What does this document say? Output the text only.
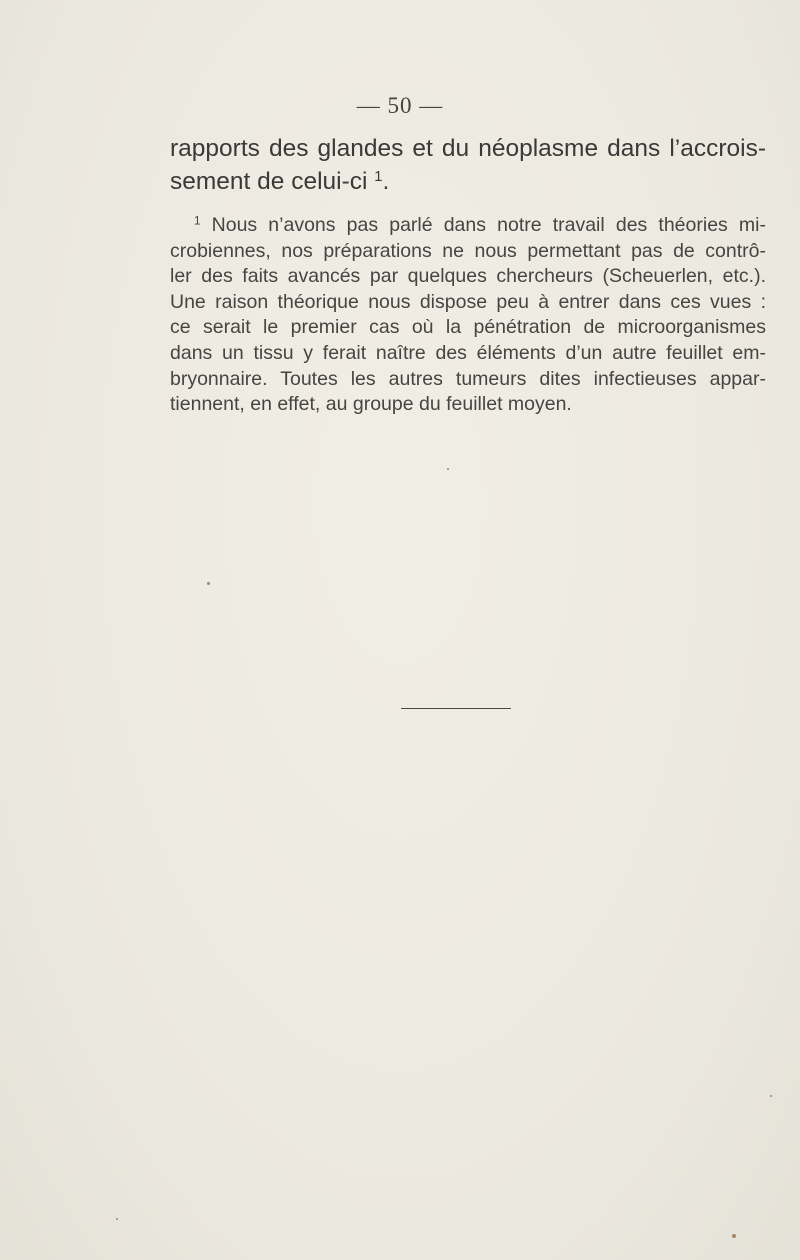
— 50 —
rapports des glandes et du néoplasme dans l’accrois-
sement de celui-ci $^1$.
$^1$ Nous n’avons pas parlé dans notre travail des théories mi-
crobiennes, nos préparations ne nous permettant pas de contrô-
ler des faits avancés par quelques chercheurs (Scheuerlen, etc.).
Une raison théorique nous dispose peu à entrer dans ces vues :
ce serait le premier cas où la pénétration de microorganismes
dans un tissu y ferait naître des éléments d’un autre feuillet em-
bryonnaire. Toutes les autres tumeurs dites infectieuses appar-
tiennent, en effet, au groupe du feuillet moyen.
